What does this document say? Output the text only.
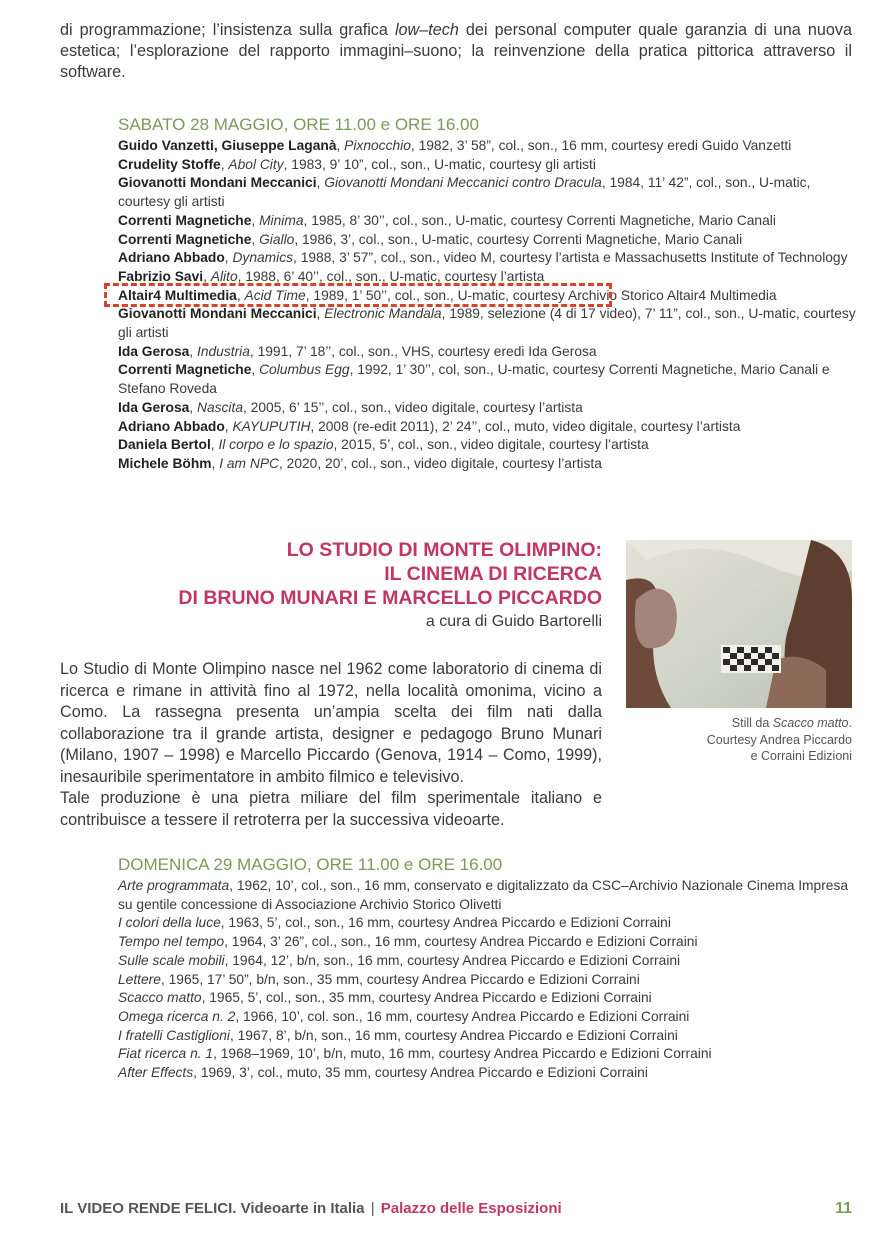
di programmazione; l’insistenza sulla grafica low–tech dei personal computer quale garanzia di una nuova estetica; l’esplorazione del rapporto immagini–suono; la reinvenzione della pratica pittorica attraverso il software.

SABATO 28 MAGGIO, ORE 11.00 e ORE 16.00

Guido Vanzetti, Giuseppe Laganà, Pixnocchio, 1982, 3’ 58”, col., son., 16 mm, courtesy eredi Guido Vanzetti

Crudelity Stoffe, Abol City, 1983, 9’ 10”, col., son., U-matic, courtesy gli artisti

Giovanotti Mondani Meccanici, Giovanotti Mondani Meccanici contro Dracula, 1984, 11’ 42”, col., son., U-matic, courtesy gli artisti

Correnti Magnetiche, Minima, 1985, 8’ 30’’, col., son., U-matic, courtesy Correnti Magnetiche, Mario Canali

Correnti Magnetiche, Giallo, 1986, 3’, col., son., U-matic, courtesy Correnti Magnetiche, Mario Canali

Adriano Abbado, Dynamics, 1988, 3’ 57”, col., son., video M, courtesy l’artista e Massachusetts Institute of Technology

Fabrizio Savi, Alito, 1988, 6’ 40’’, col., son., U-matic, courtesy l’artista

Altair4 Multimedia, Acid Time, 1989, 1’ 50’’, col., son., U-matic, courtesy Archivio Storico Altair4 Multimedia

Giovanotti Mondani Meccanici, Electronic Mandala, 1989, selezione (4 di 17 video), 7’ 11”, col., son., U-matic, courtesy gli artisti

Ida Gerosa, Industria, 1991, 7’ 18’’, col., son., VHS, courtesy eredi Ida Gerosa

Correnti Magnetiche, Columbus Egg, 1992, 1’ 30’’, col, son., U-matic, courtesy Correnti Magnetiche, Mario Canali e Stefano Roveda

Ida Gerosa, Nascita, 2005, 6’ 15’’, col., son., video digitale, courtesy l’artista

Adriano Abbado, KAYUPUTIH, 2008 (re-edit 2011), 2’ 24’’, col., muto, video digitale, courtesy l’artista

Daniela Bertol, Il corpo e lo spazio, 2015, 5’, col., son., video digitale, courtesy l’artista

Michele Böhm, I am NPC, 2020, 20’, col., son., video digitale, courtesy l’artista

LO STUDIO DI MONTE OLIMPINO:
IL CINEMA DI RICERCA
DI BRUNO MUNARI E MARCELLO PICCARDO
a cura di Guido Bartorelli
Lo Studio di Monte Olimpino nasce nel 1962 come laboratorio di cinema di ricerca e rimane in attività fino al 1972, nella località omonima, vicino a Como. La rassegna presenta un’ampia scelta dei film nati dalla collaborazione tra il grande artista, designer e pedagogo Bruno Munari (Milano, 1907 – 1998) e Marcello Piccardo (Genova, 1914 – Como, 1999), inesauribile sperimentatore in ambito filmico e televisivo.
Tale produzione è una pietra miliare del film sperimentale italiano e contribuisce a tessere il retroterra per la successiva videoarte.
Still da Scacco matto.
Courtesy Andrea Piccardo
e Corraini Edizioni

DOMENICA 29 MAGGIO, ORE 11.00 e ORE 16.00

Arte programmata, 1962, 10’, col., son., 16 mm, conservato e digitalizzato da CSC–Archivio Nazionale Cinema Impresa su gentile concessione di Associazione Archivio Storico Olivetti

I colori della luce, 1963, 5’, col., son., 16 mm, courtesy Andrea Piccardo e Edizioni Corraini

Tempo nel tempo, 1964, 3’ 26”, col., son., 16 mm, courtesy Andrea Piccardo e Edizioni Corraini

Sulle scale mobili, 1964, 12’, b/n, son., 16 mm, courtesy Andrea Piccardo e Edizioni Corraini

Lettere, 1965, 17’ 50”, b/n, son., 35 mm, courtesy Andrea Piccardo e Edizioni Corraini

Scacco matto, 1965, 5’, col., son., 35 mm, courtesy Andrea Piccardo e Edizioni Corraini

Omega ricerca n. 2, 1966, 10’, col. son., 16 mm, courtesy Andrea Piccardo e Edizioni Corraini

I fratelli Castiglioni, 1967, 8’, b/n, son., 16 mm, courtesy Andrea Piccardo e Edizioni Corraini

Fiat ricerca n. 1, 1968–1969, 10’, b/n, muto, 16 mm, courtesy Andrea Piccardo e Edizioni Corraini

After Effects, 1969, 3’, col., muto, 35 mm, courtesy Andrea Piccardo e Edizioni Corraini

IL VIDEO RENDE FELICI. Videoarte in Italia | Palazzo delle Esposizioni	11
